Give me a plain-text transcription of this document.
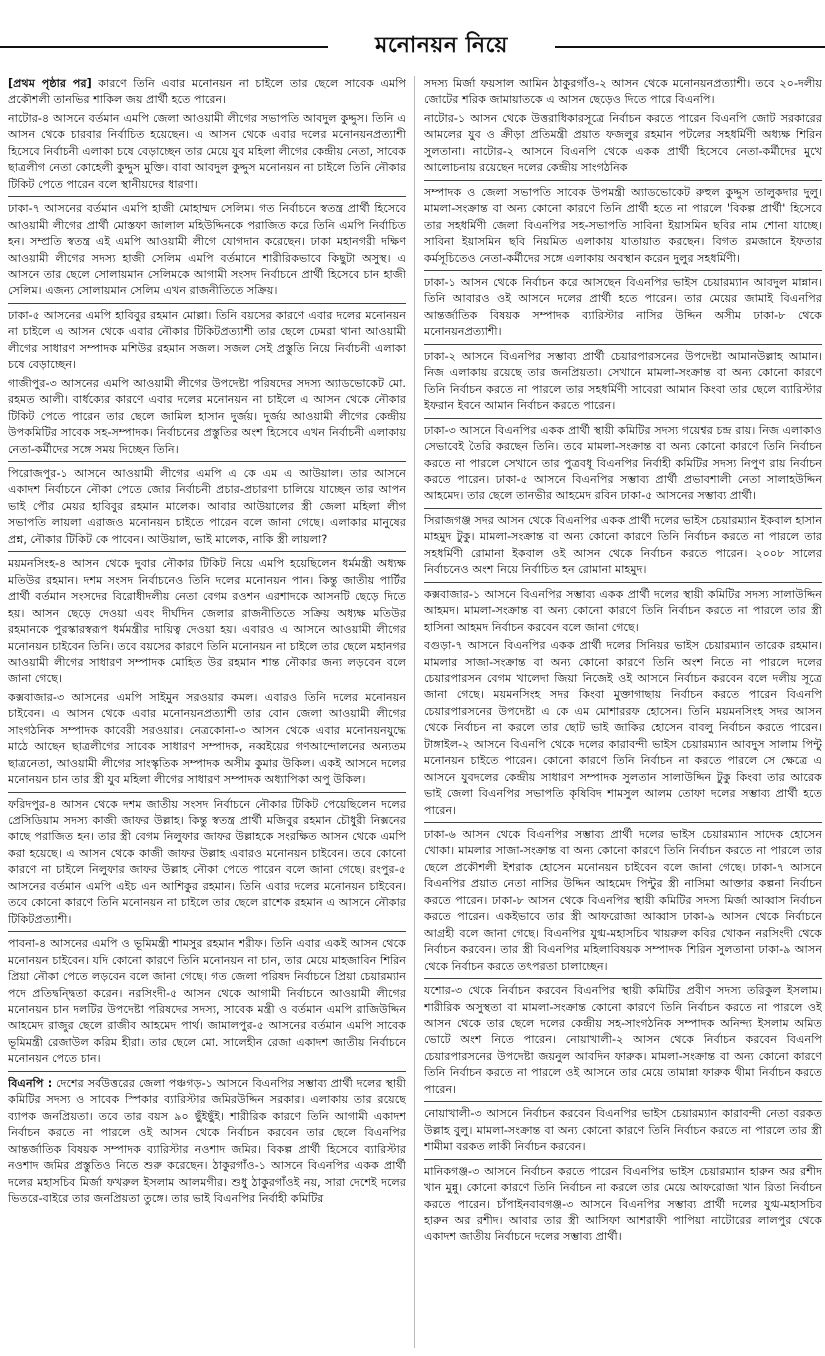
মনোনয়ন নিয়ে

[প্রথম পৃষ্ঠার পর] কারণে তিনি এবার মনোনয়ন না চাইলে তার ছেলে সাবেক এমপি প্রকৌশলী তানভির শাকিল জয় প্রার্থী হতে পারেন।

নাটোর-৪ আসনে বর্তমান এমপি জেলা আওয়ামী লীগের সভাপতি আবদুল কুদ্দুস। তিনি এ আসন থেকে চারবার নির্বাচিত হয়েছেন। এ আসন থেকে এবার দলের মনোনয়নপ্রত্যাশী হিসেবে নির্বাচনী এলাকা চষে বেড়াচ্ছেন তার মেয়ে যুব মহিলা লীগের কেন্দ্রীয় নেতা, সাবেক ছাত্রলীগ নেতা কোহেলী কুদ্দুস মুক্তি। বাবা আবদুল কুদ্দুস মনোনয়ন না চাইলে তিনি নৌকার টিকিট পেতে পারেন বলে স্থানীয়দের ধারণা।

ঢাকা-৭ আসনের বর্তমান এমপি হাজী মোহাম্মদ সেলিম। গত নির্বাচনে স্বতন্ত্র প্রার্থী হিসেবে আওয়ামী লীগের প্রার্থী মোস্তফা জালাল মহিউদ্দিনকে পরাজিত করে তিনি এমপি নির্বাচিত হন। সম্প্রতি স্বতন্ত্র এই এমপি আওয়ামী লীগে যোগদান করেছেন। ঢাকা মহানগরী দক্ষিণ আওয়ামী লীগের সদস্য হাজী সেলিম এমপি বর্তমানে শারীরিকভাবে কিছুটা অসুস্থ। এ আসনে তার ছেলে সোলায়মান সেলিমকে আগামী সংসদ নির্বাচনে প্রার্থী হিসেবে চান হাজী সেলিম। এজন্য সোলায়মান সেলিম এখন রাজনীতিতে সক্রিয়।

ঢাকা-৫ আসনের এমপি হাবিবুর রহমান মোল্লা। তিনি বয়সের কারণে এবার দলের মনোনয়ন না চাইলে এ আসন থেকে এবার নৌকার টিকিটপ্রত্যাশী তার ছেলে ঢেমরা থানা আওয়ামী লীগের সাধারণ সম্পাদক মশিউর রহমান সজল। সজল সেই প্রস্তুতি নিয়ে নির্বাচনী এলাকা চষে বেড়াচ্ছেন।

গাজীপুর-৩ আসনের এমপি আওয়ামী লীগের উপদেষ্টা পরিষদের সদস্য অ্যাডভোকেট মো. রহমত আলী। বার্ধক্যের কারণে এবার দলের মনোনয়ন না চাইলে এ আসন থেকে নৌকার টিকিট পেতে পারেন তার ছেলে জামিল হাসান দুর্জয়। দুর্জয় আওয়ামী লীগের কেন্দ্রীয় উপকমিটির সাবেক সহ-সম্পাদক। নির্বাচনের প্রস্তুতির অংশ হিসেবে এখন নির্বাচনী এলাকায় নেতা-কর্মীদের সঙ্গে সময় দিচ্ছেন তিনি।

পিরোজপুর-১ আসনে আওয়ামী লীগের এমপি এ কে এম এ আউয়াল। তার আসনে একাদশ নির্বাচনে নৌকা পেতে জোর নির্বাচনী প্রচার-প্রচারণা চালিয়ে যাচ্ছেন তার আপন ভাই পৌর মেয়র হাবিবুর রহমান মালেক। আবার আউয়ালের স্ত্রী জেলা মহিলা লীগ সভাপতি লায়লা এরাজও মনোনয়ন চাইতে পারেন বলে জানা গেছে। এলাকার মানুষের প্রশ্ন, নৌকার টিকিট কে পাবেন। আউয়াল, ভাই মালেক, নাকি স্ত্রী লায়লা?

ময়মনসিংহ-৪ আসন থেকে দুবার নৌকার টিকিট নিয়ে এমপি হয়েছিলেন ধর্মমন্ত্রী অধ্যক্ষ মতিউর রহমান। দশম সংসদ নির্বাচনেও তিনি দলের মনোনয়ন পান। কিন্তু জাতীয় পার্টির প্রার্থী বর্তমান সংসদের বিরোধীদলীয় নেতা বেগম রওশন এরশাদকে আসনটি ছেড়ে দিতে হয়। আসন ছেড়ে দেওয়া এবং দীর্ঘদিন জেলার রাজনীতিতে সক্রিয় অধ্যক্ষ মতিউর রহমানকে পুরস্কারস্বরূপ ধর্মমন্ত্রীর দায়িত্ব দেওয়া হয়। এবারও এ আসনে আওয়ামী লীগের মনোনয়ন চাইবেন তিনি। তবে বয়সের কারণে তিনি মনোনয়ন না চাইলে তার ছেলে মহানগর আওয়ামী লীগের সাধারণ সম্পাদক মোহিত উর রহমান শান্ত নৌকার জন্য লড়বেন বলে জানা গেছে।

কক্সবাজার-৩ আসনের এমপি সাইমুন সরওয়ার কমল। এবারও তিনি দলের মনোনয়ন চাইবেন। এ আসন থেকে এবার মনোনয়নপ্রত্যাশী তার বোন জেলা আওয়ামী লীগের সাংগঠনিক সম্পাদক কাবেরী সরওয়ার। নেত্রকোনা-৩ আসন থেকে এবার মনোনয়নযুদ্ধে মাঠে আছেন ছাত্রলীগের সাবেক সাধারণ সম্পাদক, নব্বইয়ের গণআন্দোলনের অন্যতম ছাত্রনেতা, আওয়ামী লীগের সাংস্কৃতিক সম্পাদক অসীম কুমার উকিল। একই আসনে দলের মনোনয়ন চান তার স্ত্রী যুব মহিলা লীগের সাধারণ সম্পাদক অধ্যাপিকা অপু উকিল।

ফরিদপুর-৪ আসন থেকে দশম জাতীয় সংসদ নির্বাচনে নৌকার টিকিট পেয়েছিলেন দলের প্রেসিডিয়াম সদস্য কাজী জাফর উল্লাহ। কিন্তু স্বতন্ত্র প্রার্থী মজিবুর রহমান চৌধুরী নিক্সনের কাছে পরাজিত হন। তার স্ত্রী বেগম নিলুফার জাফর উল্লাহকে সংরক্ষিত আসন থেকে এমপি করা হয়েছে। এ আসন থেকে কাজী জাফর উল্লাহ এবারও মনোনয়ন চাইবেন। তবে কোনো কারণে না চাইলে নিলুফার জাফর উল্লাহ নৌকা পেতে পারেন বলে জানা গেছে। রংপুর-৫ আসনের বর্তমান এমপি এইচ এন আশিকুর রহমান। তিনি এবার দলের মনোনয়ন চাইবেন। তবে কোনো কারণে তিনি মনোনয়ন না চাইলে তার ছেলে রাশেক রহমান এ আসনে নৌকার টিকিটপ্রত্যাশী।

পাবনা-৪ আসনের এমপি ও ভূমিমন্ত্রী শামসুর রহমান শরীফ। তিনি এবার একই আসন থেকে মনোনয়ন চাইবেন। যদি কোনো কারণে তিনি মনোনয়ন না চান, তার মেয়ে মাহজাবিন শিরিন প্রিয়া নৌকা পেতে লড়বেন বলে জানা গেছে। গত জেলা পরিষদ নির্বাচনে প্রিয়া চেয়ারম্যান পদে প্রতিদ্বন্দ্বিতা করেন। নরসিংদী-৫ আসন থেকে আগামী নির্বাচনে আওয়ামী লীগের মনোনয়ন চান দলটির উপদেষ্টা পরিষদের সদস্য, সাবেক মন্ত্রী ও বর্তমান এমপি রাজিউদ্দিন আহমেদ রাজুর ছেলে রাজীব আহমেদ পার্থ। জামালপুর-৫ আসনের বর্তমান এমপি সাবেক ভূমিমন্ত্রী রেজাউল করিম হীরা। তার ছেলে মো. সালেহীন রেজা একাদশ জাতীয় নির্বাচনে মনোনয়ন পেতে চান।

বিএনপি : দেশের সর্বউত্তরের জেলা পঞ্চগড়-১ আসনে বিএনপির সম্ভাব্য প্রার্থী দলের স্থায়ী কমিটির সদস্য ও সাবেক স্পিকার ব্যারিস্টার জমিরউদ্দিন সরকার। এলাকায় তার রয়েছে ব্যাপক জনপ্রিয়তা। তবে তার বয়স ৯০ ছুঁইছুঁই। শারীরিক কারণে তিনি আগামী একাদশ নির্বাচন করতে না পারলে ওই আসন থেকে নির্বাচন করবেন তার ছেলে বিএনপির আন্তর্জাতিক বিষয়ক সম্পাদক ব্যারিস্টার নওশাদ জমির। বিকল্প প্রার্থী হিসেবে ব্যারিস্টার নওশাদ জমির প্রস্তুতিও নিতে শুরু করেছেন। ঠাকুরগাঁও-১ আসনে বিএনপির একক প্রার্থী দলের মহাসচিব মির্জা ফখরুল ইসলাম আলমগীর। শুধু ঠাকুরগাঁওই নয়, সারা দেশেই দলের ভিতরে-বাইরে তার জনপ্রিয়তা তুঙ্গে। তার ভাই বিএনপির নির্বাহী কমিটির

সদস্য মির্জা ফয়সাল আমিন ঠাকুরগাঁও-২ আসন থেকে মনোনয়নপ্রত্যাশী। তবে ২০-দলীয় জোটের শরিক জামায়াতকে এ আসন ছেড়েও দিতে পারে বিএনপি।

নাটোর-১ আসন থেকে উত্তরাধিকারসূত্রে নির্বাচন করতে পারেন বিএনপি জোট সরকারের আমলের যুব ও ক্রীড়া প্রতিমন্ত্রী প্রয়াত ফজলুর রহমান পটলের সহধর্মিণী অধ্যক্ষ শিরিন সুলতানা। নাটোর-২ আসনে বিএনপি থেকে একক প্রার্থী হিসেবে নেতা-কর্মীদের মুখে আলোচনায় রয়েছেন দলের কেন্দ্রীয় সাংগঠনিক

সম্পাদক ও জেলা সভাপতি সাবেক উপমন্ত্রী অ্যাডভোকেট রুহুল কুদ্দুস তালুকদার দুলু। মামলা-সংক্রান্ত বা অন্য কোনো কারণে তিনি প্রার্থী হতে না পারলে 'বিকল্প প্রার্থী' হিসেবে তার সহধর্মিণী জেলা বিএনপির সহ-সভাপতি সাবিনা ইয়াসমিন ছবির নাম শোনা যাচ্ছে। সাবিনা ইয়াসমিন ছবি নিয়মিত এলাকায় যাতায়াত করছেন। বিগত রমজানে ইফতার কর্মসূচিতেও নেতা-কর্মীদের সঙ্গে এলাকায় অবস্থান করেন দুলুর সহধর্মিণী।

ঢাকা-১ আসন থেকে নির্বাচন করে আসছেন বিএনপির ভাইস চেয়ারম্যান আবদুল মান্নান। তিনি আবারও ওই আসনে দলের প্রার্থী হতে পারেন। তার মেয়ের জামাই বিএনপির আন্তর্জাতিক বিষয়ক সম্পাদক ব্যারিস্টার নাসির উদ্দিন অসীম ঢাকা-৮ থেকে মনোনয়নপ্রত্যাশী।

ঢাকা-২ আসনে বিএনপির সম্ভাব্য প্রার্থী চেয়ারপারসনের উপদেষ্টা আমানউল্লাহ আমান। নিজ এলাকায় রয়েছে তার জনপ্রিয়তা। সেখানে মামলা-সংক্রান্ত বা অন্য কোনো কারণে তিনি নির্বাচন করতে না পারলে তার সহধর্মিণী সাবেরা আমান কিংবা তার ছেলে ব্যারিস্টার ইফরান ইবনে আমান নির্বাচন করতে পারেন।

ঢাকা-৩ আসনে বিএনপির একক প্রার্থী স্থায়ী কমিটির সদস্য গয়েশ্বর চন্দ্র রায়। নিজ এলাকাও সেভাবেই তৈরি করছেন তিনি। তবে মামলা-সংক্রান্ত বা অন্য কোনো কারণে তিনি নির্বাচন করতে না পারলে সেখানে তার পুত্রবধূ বিএনপির নির্বাহী কমিটির সদস্য নিপুণ রায় নির্বাচন করতে পারেন। ঢাকা-৫ আসনে বিএনপির সম্ভাব্য প্রার্থী প্রভাবশালী নেতা সালাহউদ্দিন আহমেদ। তার ছেলে তানভীর আহমেদ রবিন ঢাকা-৫ আসনের সম্ভাব্য প্রার্থী।

সিরাজগঞ্জ সদর আসন থেকে বিএনপির একক প্রার্থী দলের ভাইস চেয়ারম্যান ইকবাল হাসান মাহমুদ টুকু। মামলা-সংক্রান্ত বা অন্য কোনো কারণে তিনি নির্বাচন করতে না পারলে তার সহধর্মিণী রোমানা ইকবাল ওই আসন থেকে নির্বাচন করতে পারেন। ২০০৮ সালের নির্বাচনেও অংশ নিয়ে নির্বাচিত হন রোমানা মাহমুদ।

কক্সবাজার-১ আসনে বিএনপির সম্ভাব্য একক প্রার্থী দলের স্থায়ী কমিটির সদস্য সালাউদ্দিন আহমদ। মামলা-সংক্রান্ত বা অন্য কোনো কারণে তিনি নির্বাচন করতে না পারলে তার স্ত্রী হাসিনা আহমদ নির্বাচন করবেন বলে জানা গেছে।

বগুড়া-৭ আসনে বিএনপির একক প্রার্থী দলের সিনিয়র ভাইস চেয়ারম্যান তারেক রহমান। মামলার সাজা-সংক্রান্ত বা অন্য কোনো কারণে তিনি অংশ নিতে না পারলে দলের চেয়ারপারসন বেগম খালেদা জিয়া নিজেই ওই আসনে নির্বাচন করবেন বলে দলীয় সূত্রে জানা গেছে। ময়মনসিংহ সদর কিংবা মুক্তাগাছায় নির্বাচন করতে পারেন বিএনপি চেয়ারপারসনের উপদেষ্টা এ কে এম মোশাররফ হোসেন। তিনি ময়মনসিংহ সদর আসন থেকে নির্বাচন না করলে তার ছোট ভাই জাকির হোসেন বাবলু নির্বাচন করতে পারেন। টাঙ্গাইল-২ আসনে বিএনপি থেকে দলের কারাবন্দী ভাইস চেয়ারম্যান আবদুস সালাম পিন্টু মনোনয়ন চাইতে পারেন। কোনো কারণে তিনি নির্বাচন না করতে পারলে সে ক্ষেত্রে এ আসনে যুবদলের কেন্দ্রীয় সাধারণ সম্পাদক সুলতান সালাউদ্দিন টুকু কিংবা তার আরেক ভাই জেলা বিএনপির সভাপতি কৃষিবিদ শামসুল আলম তোফা দলের সম্ভাব্য প্রার্থী হতে পারেন।

ঢাকা-৬ আসন থেকে বিএনপির সম্ভাব্য প্রার্থী দলের ভাইস চেয়ারম্যান সাদেক হোসেন খোকা। মামলার সাজা-সংক্রান্ত বা অন্য কোনো কারণে তিনি নির্বাচন করতে না পারলে তার ছেলে প্রকৌশলী ইশরাক হোসেন মনোনয়ন চাইবেন বলে জানা গেছে। ঢাকা-৭ আসনে বিএনপির প্রয়াত নেতা নাসির উদ্দিন আহমেদ পিন্টুর স্ত্রী নাসিমা আক্তার কল্পনা নির্বাচন করতে পারেন। ঢাকা-৮ আসন থেকে বিএনপির স্থায়ী কমিটির সদস্য মির্জা আব্বাস নির্বাচন করতে পারেন। একইভাবে তার স্ত্রী আফরোজা আব্বাস ঢাকা-৯ আসন থেকে নির্বাচনে আগ্রহী বলে জানা গেছে। বিএনপির যুগ্ম-মহাসচিব খায়রুল কবির খোকন নরসিংদী থেকে নির্বাচন করবেন। তার স্ত্রী বিএনপির মহিলাবিষয়ক সম্পাদক শিরিন সুলতানা ঢাকা-৯ আসন থেকে নির্বাচন করতে তৎপরতা চালাচ্ছেন।

যশোর-৩ থেকে নির্বাচন করবেন বিএনপির স্থায়ী কমিটির প্রবীণ সদস্য তরিকুল ইসলাম। শারীরিক অসুস্থতা বা মামলা-সংক্রান্ত কোনো কারণে তিনি নির্বাচন করতে না পারলে ওই আসন থেকে তার ছেলে দলের কেন্দ্রীয় সহ-সাংগঠনিক সম্পাদক অনিন্দ্য ইসলাম অমিত ভোটে অংশ নিতে পারেন। নোয়াখালী-২ আসন থেকে নির্বাচন করবেন বিএনপি চেয়ারপারসনের উপদেষ্টা জয়নুল আবদিন ফারুক। মামলা-সংক্রান্ত বা অন্য কোনো কারণে তিনি নির্বাচন করতে না পারলে ওই আসনে তার মেয়ে তামান্না ফারুক থীমা নির্বাচন করতে পারেন।

নোয়াখালী-৩ আসনে নির্বাচন করবেন বিএনপির ভাইস চেয়ারম্যান কারাবন্দী নেতা বরকত উল্লাহ বুলু। মামলা-সংক্রান্ত বা অন্য কোনো কারণে তিনি নির্বাচন করতে না পারলে তার স্ত্রী শামীমা বরকত লাকী নির্বাচন করবেন।

মানিকগঞ্জ-৩ আসনে নির্বাচন করতে পারেন বিএনপির ভাইস চেয়ারম্যান হারুন অর রশীদ খান মুন্নু। কোনো কারণে তিনি নির্বাচন না করলে তার মেয়ে আফরোজা খান রিতা নির্বাচন করতে পারেন। চাঁপাইনবাবগঞ্জ-৩ আসনে বিএনপির সম্ভাব্য প্রার্থী দলের যুগ্ম-মহাসচিব হারুন অর রশীদ। আবার তার স্ত্রী আসিফা আশরাফী পাপিয়া নাটোরের লালপুর থেকে একাদশ জাতীয় নির্বাচনে দলের সম্ভাব্য প্রার্থী।
